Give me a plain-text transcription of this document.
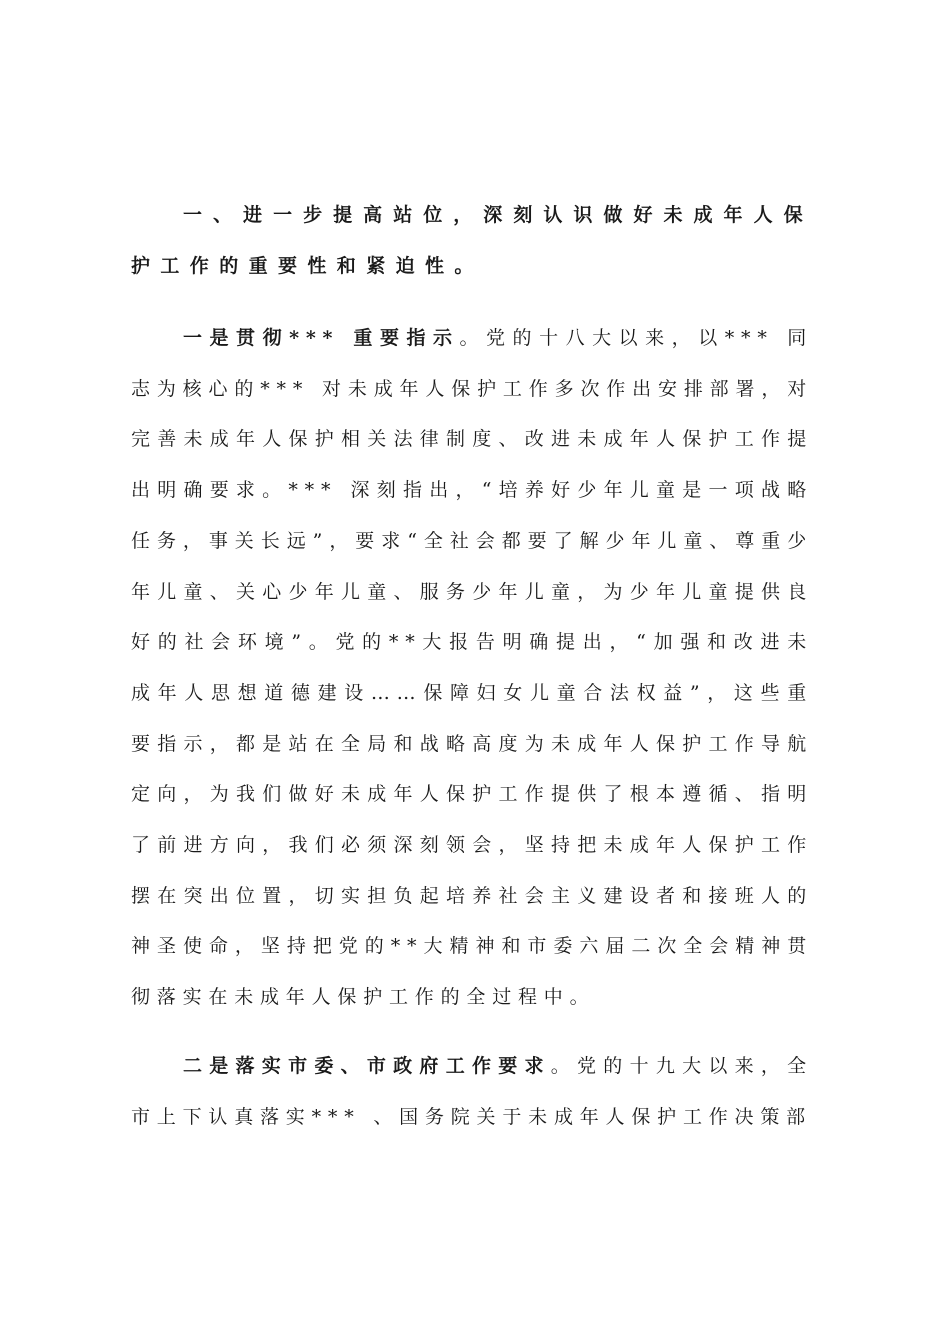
一、进一步提高站位，深刻认识做好未成年人保护工作的重要性和紧迫性。

一是贯彻*** 重要指示。党的十八大以来，以*** 同志为核心的*** 对未成年人保护工作多次作出安排部署，对完善未成年人保护相关法律制度、改进未成年人保护工作提出明确要求。*** 深刻指出，“培养好少年儿童是一项战略任务，事关长远”，要求“全社会都要了解少年儿童、尊重少年儿童、关心少年儿童、服务少年儿童，为少年儿童提供良好的社会环境”。党的**大报告明确提出，“加强和改进未成年人思想道德建设……保障妇女儿童合法权益”，这些重要指示，都是站在全局和战略高度为未成年人保护工作导航定向，为我们做好未成年人保护工作提供了根本遵循、指明了前进方向，我们必须深刻领会，坚持把未成年人保护工作摆在突出位置，切实担负起培养社会主义建设者和接班人的神圣使命，坚持把党的**大精神和市委六届二次全会精神贯彻落实在未成年人保护工作的全过程中。

二是落实市委、市政府工作要求。党的十九大以来，全市上下认真落实*** 、国务院关于未成年人保护工作决策部
